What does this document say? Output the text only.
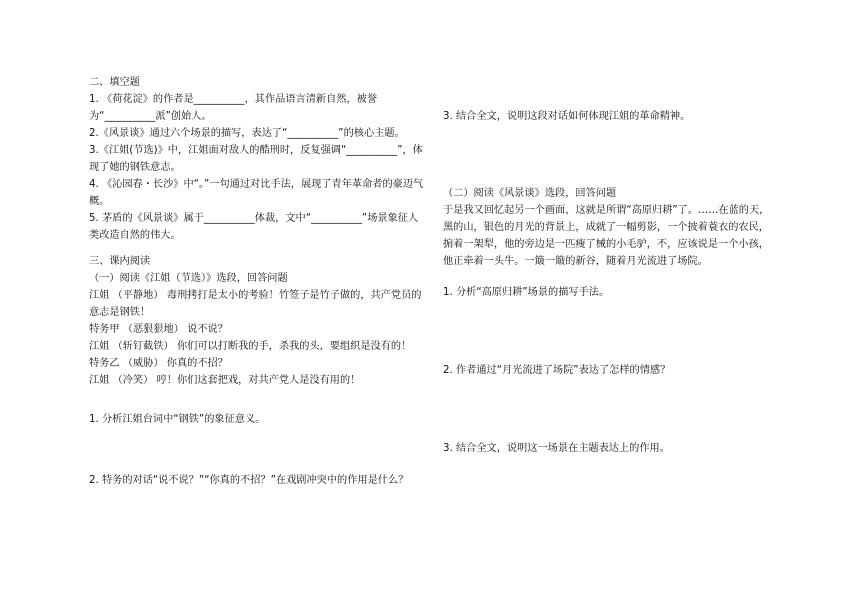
二、填空题
1. 《荷花淀》的作者是__________，其作品语言清新自然，被誉为“__________派”创始人。
2.《风景谈》通过六个场景的描写，表达了“__________”的核心主题。
3.《江姐(节选)》中，江姐面对敌人的酷刑时，反复强调“__________”，体现了她的钢铁意志。
4. 《沁园春・长沙》中“。”一句通过对比手法，展现了青年革命者的豪迈气概。
5. 茅盾的《风景谈》属于__________体裁，文中“__________”场景象征人类改造自然的伟大。
三、课内阅读
（一）阅读《江姐（节选）》选段，回答问题
江姐 （平静地） 毒刑拷打是太小的考验！竹签子是竹子做的，共产党员的意志是钢铁！
特务甲 （恶狠狠地） 说不说？
江姐 （斩钉截铁） 你们可以打断我的手，杀我的头，要组织是没有的！
特务乙 （威胁） 你真的不招？
江姐 （冷笑） 哼！你们这套把戏，对共产党人是没有用的！
1. 分析江姐台词中“钢铁”的象征意义。
2. 特务的对话“说不说？”“你真的不招？”在戏剧冲突中的作用是什么？
3. 结合全文，说明这段对话如何体现江姐的革命精神。
（二）阅读《风景谈》选段，回答问题
于是我又回忆起另一个画面，这就是所谓“高原归耕”了。……在蓝的天，黑的山，银色的月光的背景上，成就了一幅剪影，一个披着蓑衣的农民，掮着一架犁，他的旁边是一匹瘦了械的小毛驴，不，应该说是一个小孩，他正牵着一头牛。一簸一簸的新谷，随着月光流进了场院。
1. 分析“高原归耕”场景的描写手法。
2. 作者通过“月光流进了场院”表达了怎样的情感？
3. 结合全文，说明这一场景在主题表达上的作用。
